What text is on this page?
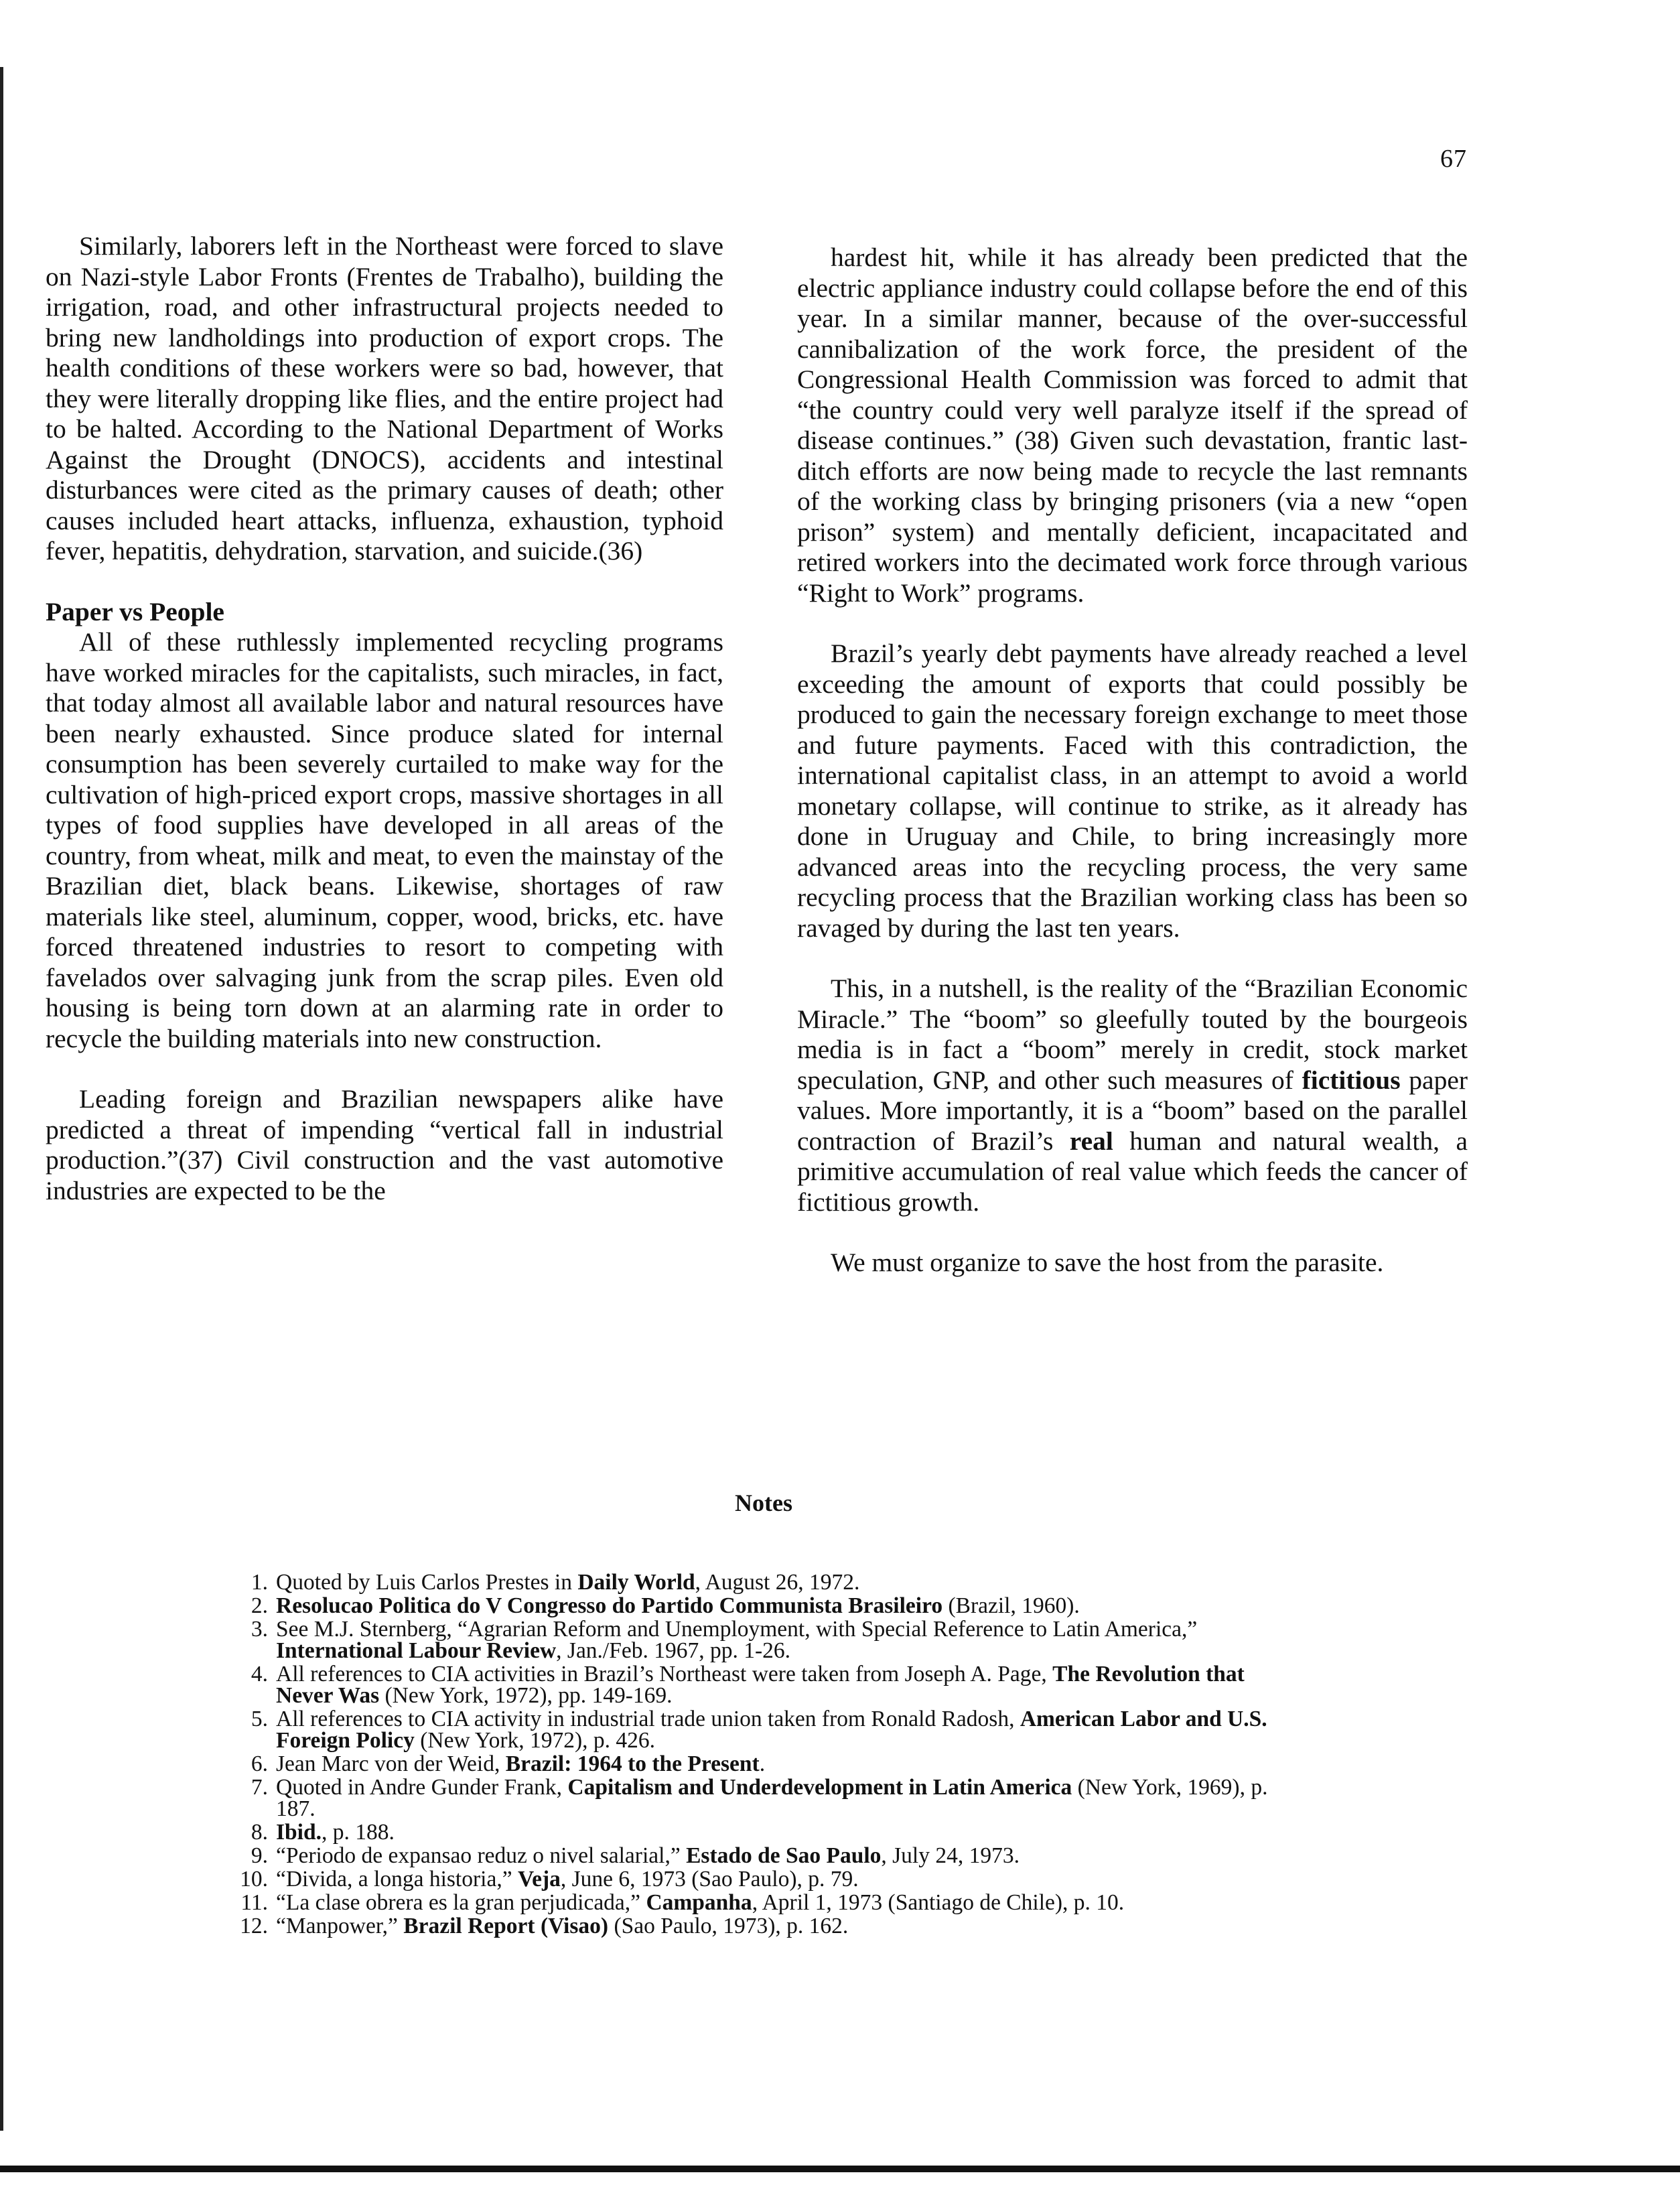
67

Similarly, laborers left in the Northeast were forced to slave on Nazi-style Labor Fronts (Frentes de Trabalho), building the irrigation, road, and other infrastructural projects needed to bring new landholdings into production of export crops. The health conditions of these workers were so bad, however, that they were literally dropping like flies, and the entire project had to be halted. According to the National Department of Works Against the Drought (DNOCS), accidents and intestinal disturbances were cited as the primary causes of death; other causes included heart attacks, influenza, exhaustion, typhoid fever, hepatitis, dehydration, starvation, and suicide.(36)

Paper vs People

All of these ruthlessly implemented recycling programs have worked miracles for the capitalists, such miracles, in fact, that today almost all available labor and natural resources have been nearly exhausted. Since produce slated for internal consumption has been severely curtailed to make way for the cultivation of high-priced export crops, massive shortages in all types of food supplies have developed in all areas of the country, from wheat, milk and meat, to even the mainstay of the Brazilian diet, black beans. Likewise, shortages of raw materials like steel, aluminum, copper, wood, bricks, etc. have forced threatened industries to resort to competing with favelados over salvaging junk from the scrap piles. Even old housing is being torn down at an alarming rate in order to recycle the building materials into new construction.

Leading foreign and Brazilian newspapers alike have predicted a threat of impending “vertical fall in industrial production.”(37) Civil construction and the vast automotive industries are expected to be the

hardest hit, while it has already been predicted that the electric appliance industry could collapse before the end of this year. In a similar manner, because of the over-successful cannibalization of the work force, the president of the Congressional Health Commission was forced to admit that “the country could very well paralyze itself if the spread of disease continues.” (38) Given such devastation, frantic last-ditch efforts are now being made to recycle the last remnants of the working class by bringing prisoners (via a new “open prison” system) and mentally deficient, incapacitated and retired workers into the decimated work force through various “Right to Work” programs.

Brazil’s yearly debt payments have already reached a level exceeding the amount of exports that could possibly be produced to gain the necessary foreign exchange to meet those and future payments. Faced with this contradiction, the international capitalist class, in an attempt to avoid a world monetary collapse, will continue to strike, as it already has done in Uruguay and Chile, to bring increasingly more advanced areas into the recycling process, the very same recycling process that the Brazilian working class has been so ravaged by during the last ten years.

This, in a nutshell, is the reality of the “Brazilian Economic Miracle.” The “boom” so gleefully touted by the bourgeois media is in fact a “boom” merely in credit, stock market speculation, GNP, and other such measures of fictitious paper values. More importantly, it is a “boom” based on the parallel contraction of Brazil’s real human and natural wealth, a primitive accumulation of real value which feeds the cancer of fictitious growth.

We must organize to save the host from the parasite.

Notes
1. Quoted by Luis Carlos Prestes in Daily World, August 26, 1972.
2. Resolucao Politica do V Congresso do Partido Communista Brasileiro (Brazil, 1960).
3. See M.J. Sternberg, “Agrarian Reform and Unemployment, with Special Reference to Latin America,” International Labour Review, Jan./Feb. 1967, pp. 1-26.
4. All references to CIA activities in Brazil’s Northeast were taken from Joseph A. Page, The Revolution that Never Was (New York, 1972), pp. 149-169.
5. All references to CIA activity in industrial trade union taken from Ronald Radosh, American Labor and U.S. Foreign Policy (New York, 1972), p. 426.
6. Jean Marc von der Weid, Brazil: 1964 to the Present.
7. Quoted in Andre Gunder Frank, Capitalism and Underdevelopment in Latin America (New York, 1969), p. 187.
8. Ibid., p. 188.
9. “Periodo de expansao reduz o nivel salarial,” Estado de Sao Paulo, July 24, 1973.
10. “Divida, a longa historia,” Veja, June 6, 1973 (Sao Paulo), p. 79.
11. “La clase obrera es la gran perjudicada,” Campanha, April 1, 1973 (Santiago de Chile), p. 10.
12. “Manpower,” Brazil Report (Visao) (Sao Paulo, 1973), p. 162.
